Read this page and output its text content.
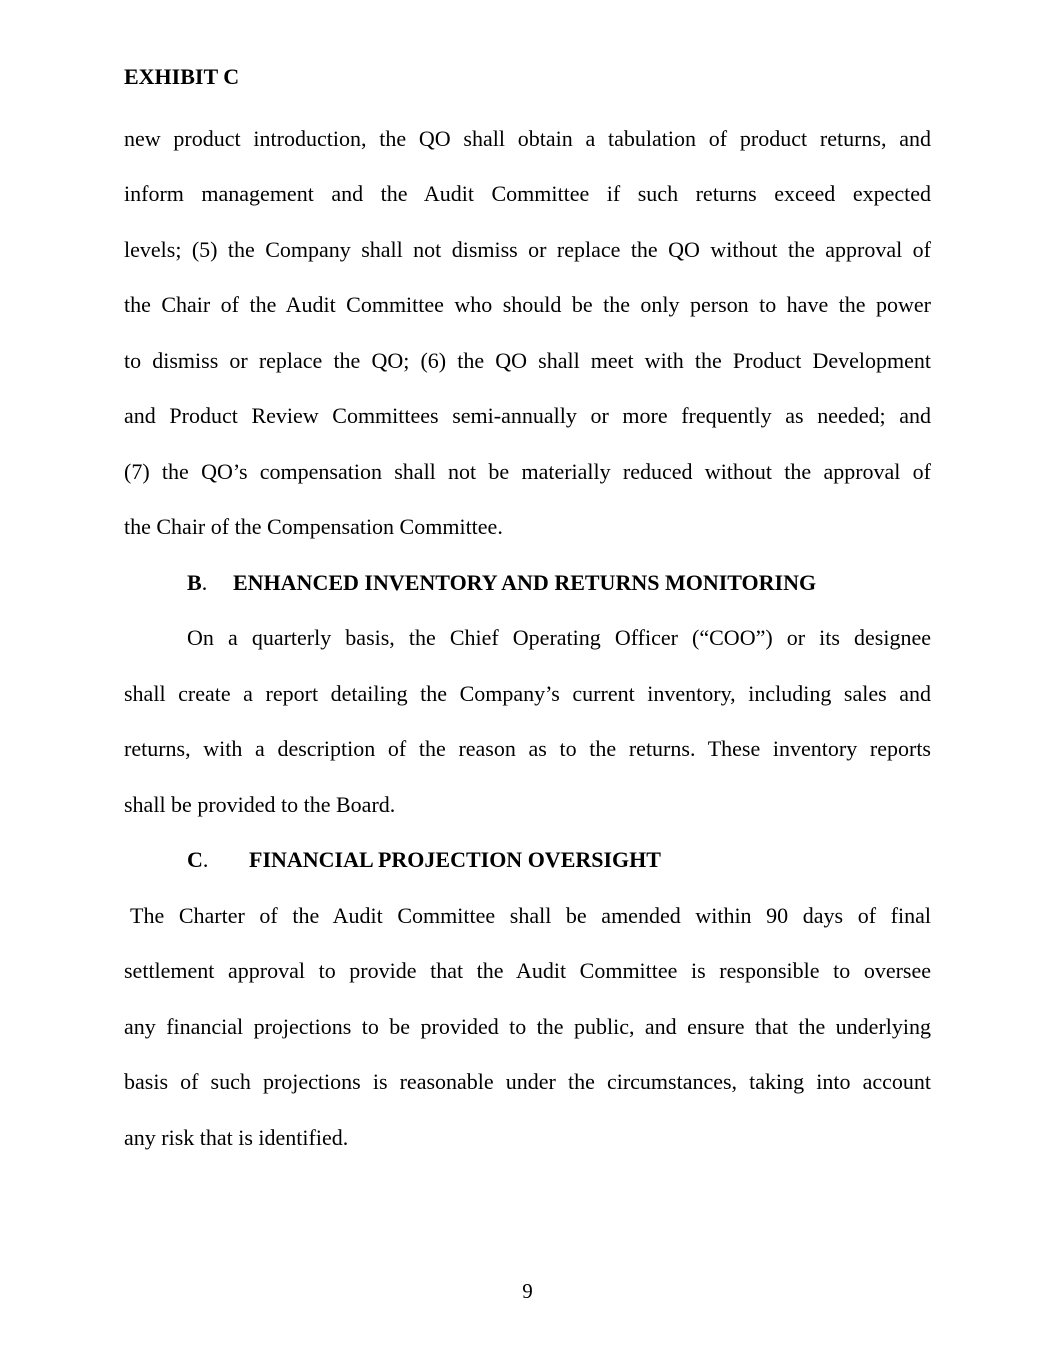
EXHIBIT C
new product introduction, the QO shall obtain a tabulation of product returns, and
inform management and the Audit Committee if such returns exceed expected
levels; (5) the Company shall not dismiss or replace the QO without the approval of
the Chair of the Audit Committee who should be the only person to have the power
to dismiss or replace the QO; (6) the QO shall meet with the Product Development
and Product Review Committees semi-annually or more frequently as needed; and
(7) the QO’s compensation shall not be materially reduced without the approval of
the Chair of the Compensation Committee.
B. ENHANCED INVENTORY AND RETURNS MONITORING
On a quarterly basis, the Chief Operating Officer (“COO”) or its designee
shall create a report detailing the Company’s current inventory, including sales and
returns, with a description of the reason as to the returns. These inventory reports
shall be provided to the Board.
C. FINANCIAL PROJECTION OVERSIGHT
The Charter of the Audit Committee shall be amended within 90 days of final
settlement approval to provide that the Audit Committee is responsible to oversee
any financial projections to be provided to the public, and ensure that the underlying
basis of such projections is reasonable under the circumstances, taking into account
any risk that is identified.
9
